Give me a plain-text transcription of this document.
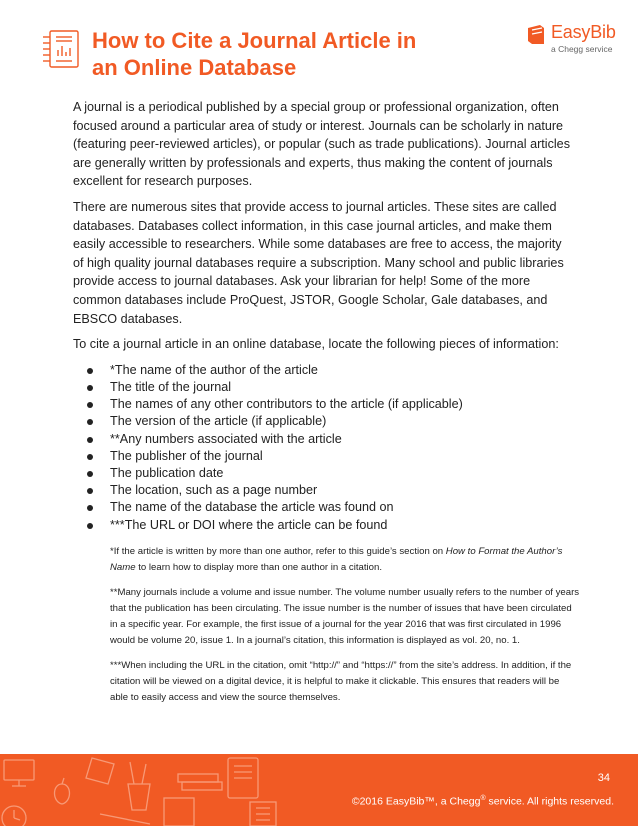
How to Cite a Journal Article in
an Online Database
EasyBib
a Chegg service

A journal is a periodical published by a special group or professional organization, often focused around a particular area of study or interest. Journals can be scholarly in nature (featuring peer-reviewed articles), or popular (such as trade publications). Journal articles are generally written by professionals and experts, thus making the content of journals excellent for research purposes.

There are numerous sites that provide access to journal articles. These sites are called databases. Databases collect information, in this case journal articles, and make them easily accessible to researchers. While some databases are free to access, the majority of high quality journal databases require a subscription. Many school and public libraries provide access to journal databases. Ask your librarian for help! Some of the more common databases include ProQuest, JSTOR, Google Scholar, Gale databases, and EBSCO databases.

To cite a journal article in an online database, locate the following pieces of information:

*The name of the author of the article
The title of the journal
The names of any other contributors to the article (if applicable)
The version of the article (if applicable)
**Any numbers associated with the article
The publisher of the journal
The publication date
The location, such as a page number
The name of the database the article was found on
***The URL or DOI where the article can be found

*If the article is written by more than one author, refer to this guide’s section on How to Format the Author’s Name to learn how to display more than one author in a citation.

**Many journals include a volume and issue number. The volume number usually refers to the number of years that the publication has been circulating. The issue number is the number of issues that have been circulated in a specific year. For example, the first issue of a journal for the year 2016 that was first circulated in 1996 would be volume 20, issue 1. In a journal’s citation, this information is displayed as vol. 20, no. 1.

***When including the URL in the citation, omit “http://” and “https://” from the site’s address. In addition, if the citation will be viewed on a digital device, it is helpful to make it clickable. This ensures that readers will be able to easily access and view the source themselves.

34
©2016 EasyBib™, a Chegg® service. All rights reserved.
